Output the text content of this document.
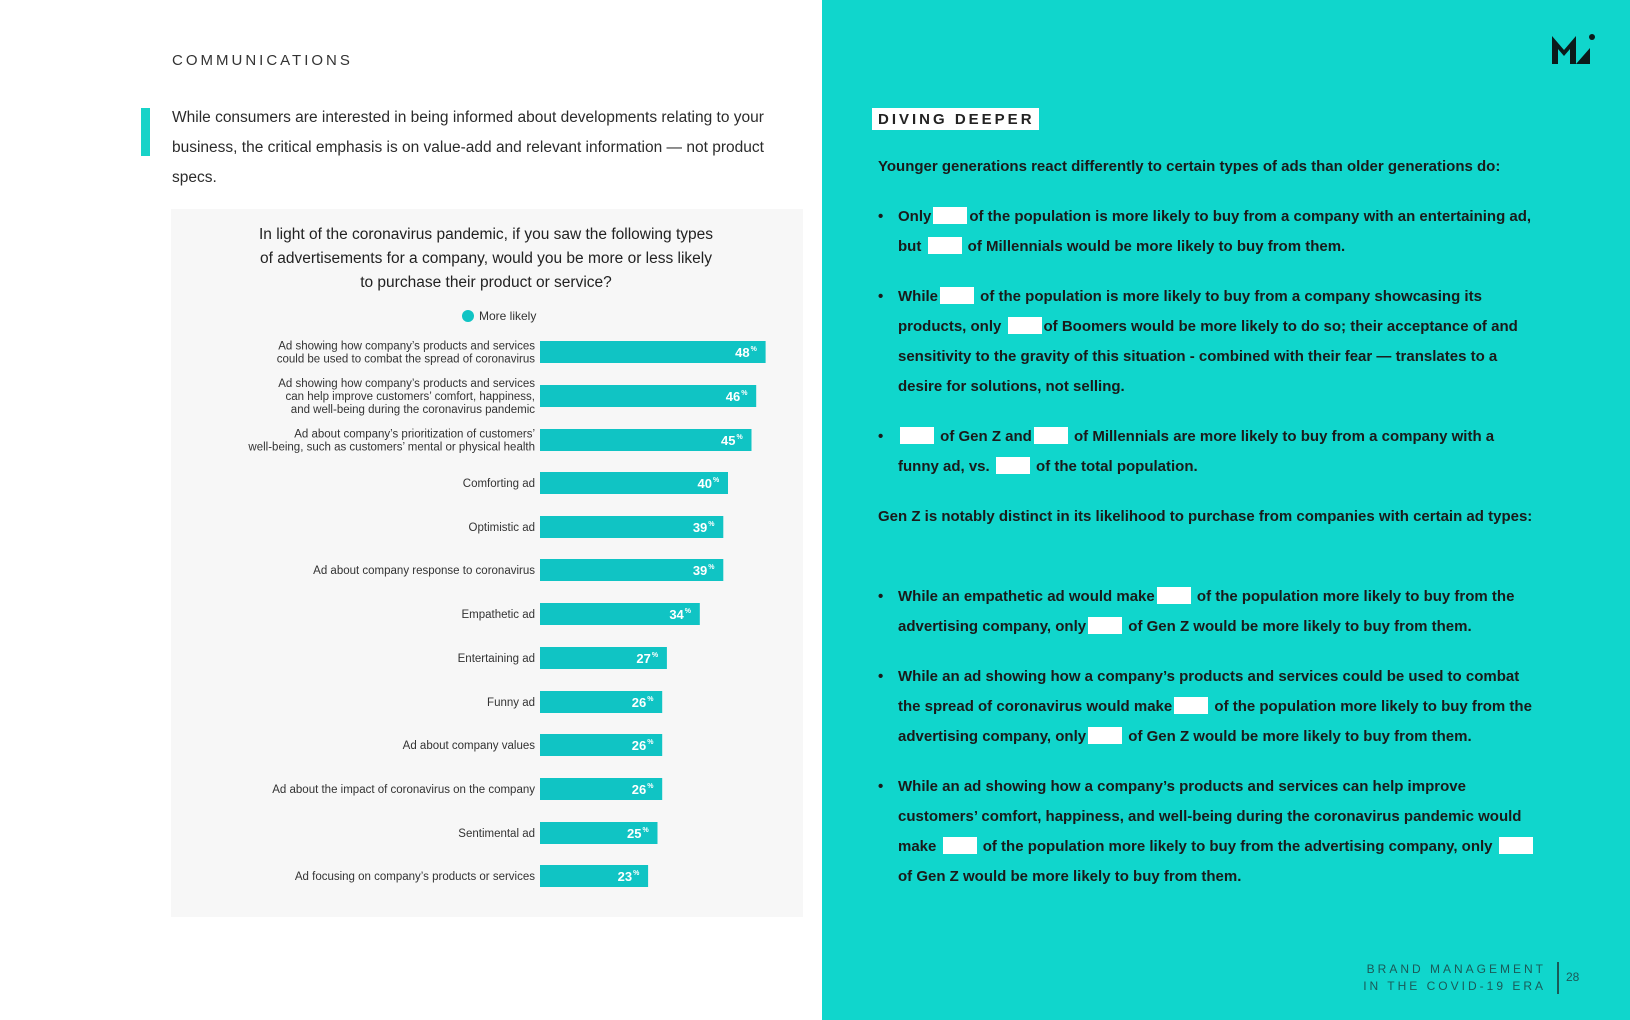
COMMUNICATIONS
While consumers are interested in being informed about developments relating to your business, the critical emphasis is on value-add and relevant information — not product specs.
In light of the coronavirus pandemic, if you saw the following types of advertisements for a company, would you be more or less likely to purchase their product or service?
More likely
48 %
Ad showing how company’s products and services
could be used to combat the spread of coronavirus
46 %
Ad showing how company’s products and services
can help improve customers’ comfort, happiness,
and well-being during the coronavirus pandemic
45 %
Ad about company’s prioritization of customers’
well-being, such as customers’ mental or physical health
40 %
Comforting ad
39 %
Optimistic ad
39 %
Ad about company response to coronavirus
34 %
Empathetic ad
27 %
Entertaining ad
26 %
Funny ad
26 %
Ad about company values
26 %
Ad about the impact of coronavirus on the company
25 %
Sentimental ad
23 %
Ad focusing on company’s products or services
DIVING DEEPER
Younger generations react differently to certain types of ads than older generations do:
• Only	of the population is more likely to buy from a company with an entertaining ad, but	of Millennials would be more likely to buy from them.
• While	of the population is more likely to buy from a company showcasing its products, only	of Boomers would be more likely to do so; their acceptance of and sensitivity to the gravity of this situation - combined with their fear — translates to a desire for solutions, not selling.
•	of Gen Z and	of Millennials are more likely to buy from a company with a funny ad, vs.	of the total population.
Gen Z is notably distinct in its likelihood to purchase from companies with certain ad types:
• While an empathetic ad would make	of the population more likely to buy from the advertising company, only	of Gen Z would be more likely to buy from them.
• While an ad showing how a company’s products and services could be used to combat the spread of coronavirus would make	of the population more likely to buy from the advertising company, only	of Gen Z would be more likely to buy from them.
• While an ad showing how a company’s products and services can help improve customers’ comfort, happiness, and well-being during the coronavirus pandemic would make	of the population more likely to buy from the advertising company, only  of Gen Z would be more likely to buy from them.
BRAND MANAGEMENT
IN THE COVID-19 ERA
28
